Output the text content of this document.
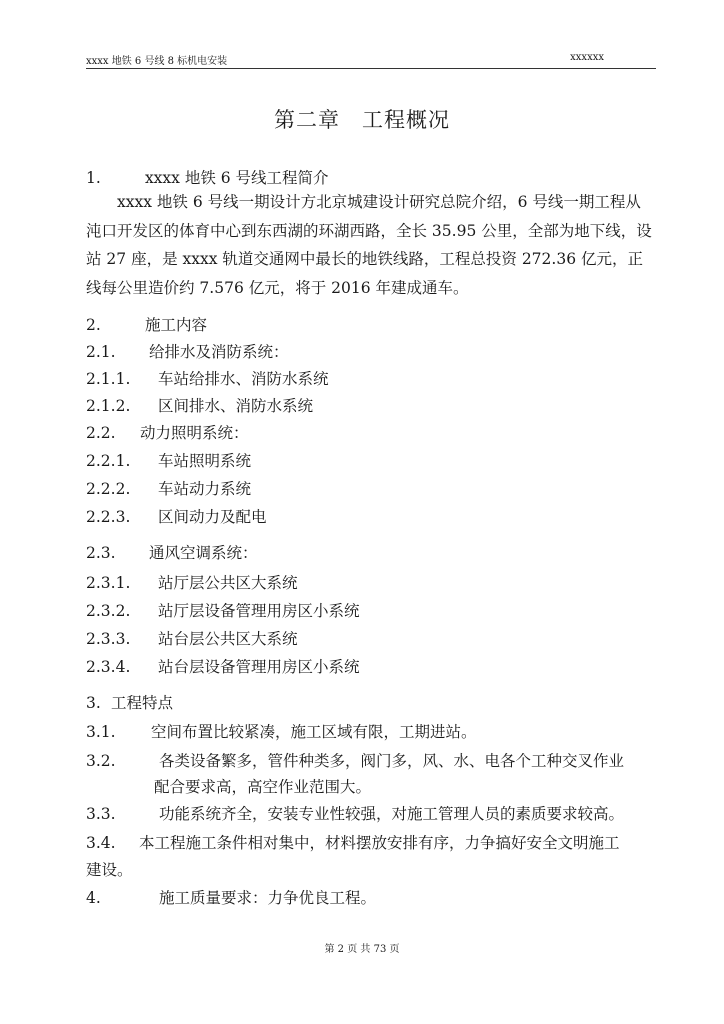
xxxx 地铁 6 号线 8 标机电安装	xxxxxx
第二章　工程概况
1.	xxxx 地铁 6 号线工程简介
xxxx 地铁 6 号线一期设计方北京城建设计研究总院介绍，6 号线一期工程从沌口开发区的体育中心到东西湖的环湖西路，全长 35.95 公里，全部为地下线，设站 27 座，是 xxxx 轨道交通网中最长的地铁线路，工程总投资 272.36 亿元，正线每公里造价约 7.576 亿元，将于 2016 年建成通车。
2.	施工内容
2.1. 给排水及消防系统：
2.1.1. 车站给排水、消防水系统
2.1.2. 区间排水、消防水系统
2.2. 动力照明系统：
2.2.1. 车站照明系统
2.2.2. 车站动力系统
2.2.3. 区间动力及配电
2.3. 通风空调系统：
2.3.1. 站厅层公共区大系统
2.3.2. 站厅层设备管理用房区小系统
2.3.3. 站台层公共区大系统
2.3.4. 站台层设备管理用房区小系统
3. 工程特点
3.1. 空间布置比较紧凑，施工区域有限，工期进站。
3.2.	各类设备繁多，管件种类多，阀门多，风、水、电各个工种交叉作业
配合要求高，高空作业范围大。
3.3.	功能系统齐全，安装专业性较强，对施工管理人员的素质要求较高。
3.4. 本工程施工条件相对集中，材料摆放安排有序，力争搞好安全文明施工
建设。
4.	施工质量要求：力争优良工程。
第 2 页 共 73 页
